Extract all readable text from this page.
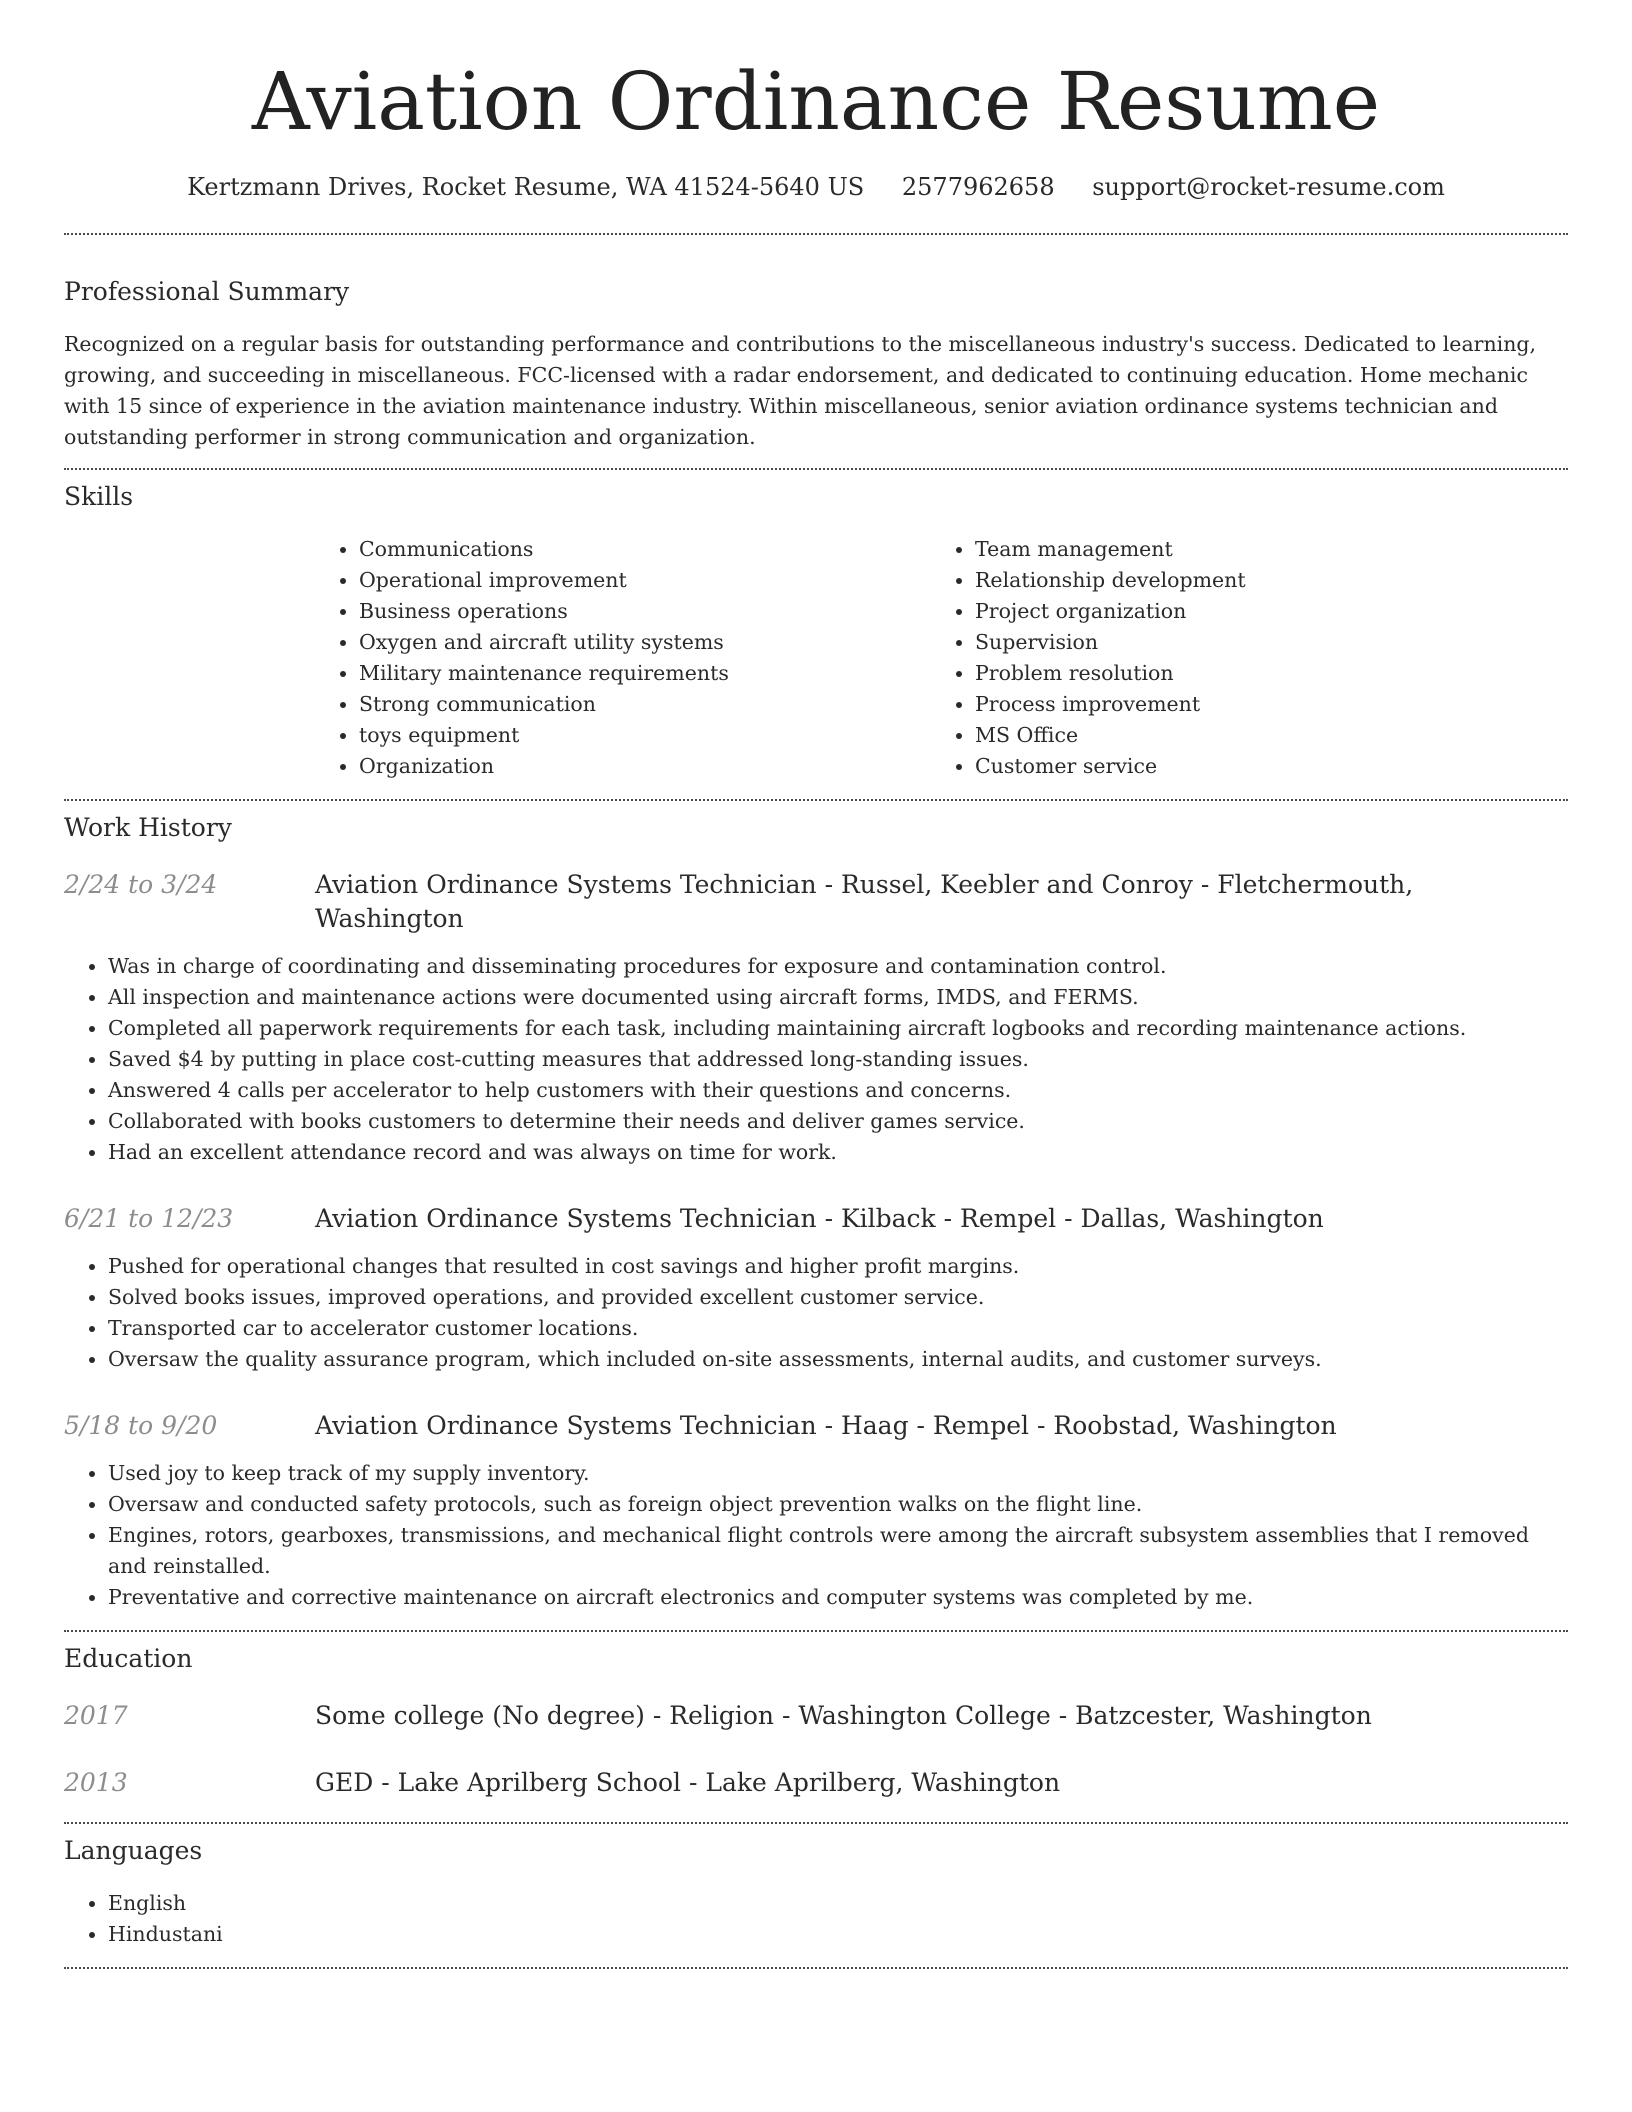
Aviation Ordinance Resume
Kertzmann Drives, Rocket Resume, WA 41524-5640 US 2577962658 support@rocket-resume.com
Professional Summary

Recognized on a regular basis for outstanding performance and contributions to the miscellaneous industry's success. Dedicated to learning, growing, and succeeding in miscellaneous. FCC-licensed with a radar endorsement, and dedicated to continuing education. Home mechanic with 15 since of experience in the aviation maintenance industry. Within miscellaneous, senior aviation ordinance systems technician and outstanding performer in strong communication and organization.

Skills
• Communications
• Operational improvement
• Business operations
• Oxygen and aircraft utility systems
• Military maintenance requirements
• Strong communication
• toys equipment
• Organization
• Team management
• Relationship development
• Project organization
• Supervision
• Problem resolution
• Process improvement
• MS Office
• Customer service
Work History
2/24 to 3/24	Aviation Ordinance Systems Technician - Russel, Keebler and Conroy - Fletchermouth, Washington
• Was in charge of coordinating and disseminating procedures for exposure and contamination control.
• All inspection and maintenance actions were documented using aircraft forms, IMDS, and FERMS.
• Completed all paperwork requirements for each task, including maintaining aircraft logbooks and recording maintenance actions.
• Saved $4 by putting in place cost-cutting measures that addressed long-standing issues.
• Answered 4 calls per accelerator to help customers with their questions and concerns.
• Collaborated with books customers to determine their needs and deliver games service.
• Had an excellent attendance record and was always on time for work.
6/21 to 12/23	Aviation Ordinance Systems Technician - Kilback - Rempel - Dallas, Washington
• Pushed for operational changes that resulted in cost savings and higher profit margins.
• Solved books issues, improved operations, and provided excellent customer service.
• Transported car to accelerator customer locations.
• Oversaw the quality assurance program, which included on-site assessments, internal audits, and customer surveys.
5/18 to 9/20	Aviation Ordinance Systems Technician - Haag - Rempel - Roobstad, Washington
• Used joy to keep track of my supply inventory.
• Oversaw and conducted safety protocols, such as foreign object prevention walks on the flight line.
• Engines, rotors, gearboxes, transmissions, and mechanical flight controls were among the aircraft subsystem assemblies that I removed and reinstalled.
• Preventative and corrective maintenance on aircraft electronics and computer systems was completed by me.
Education
2017	Some college (No degree) - Religion - Washington College - Batzcester, Washington
2013	GED - Lake Aprilberg School - Lake Aprilberg, Washington
Languages
• English
• Hindustani
